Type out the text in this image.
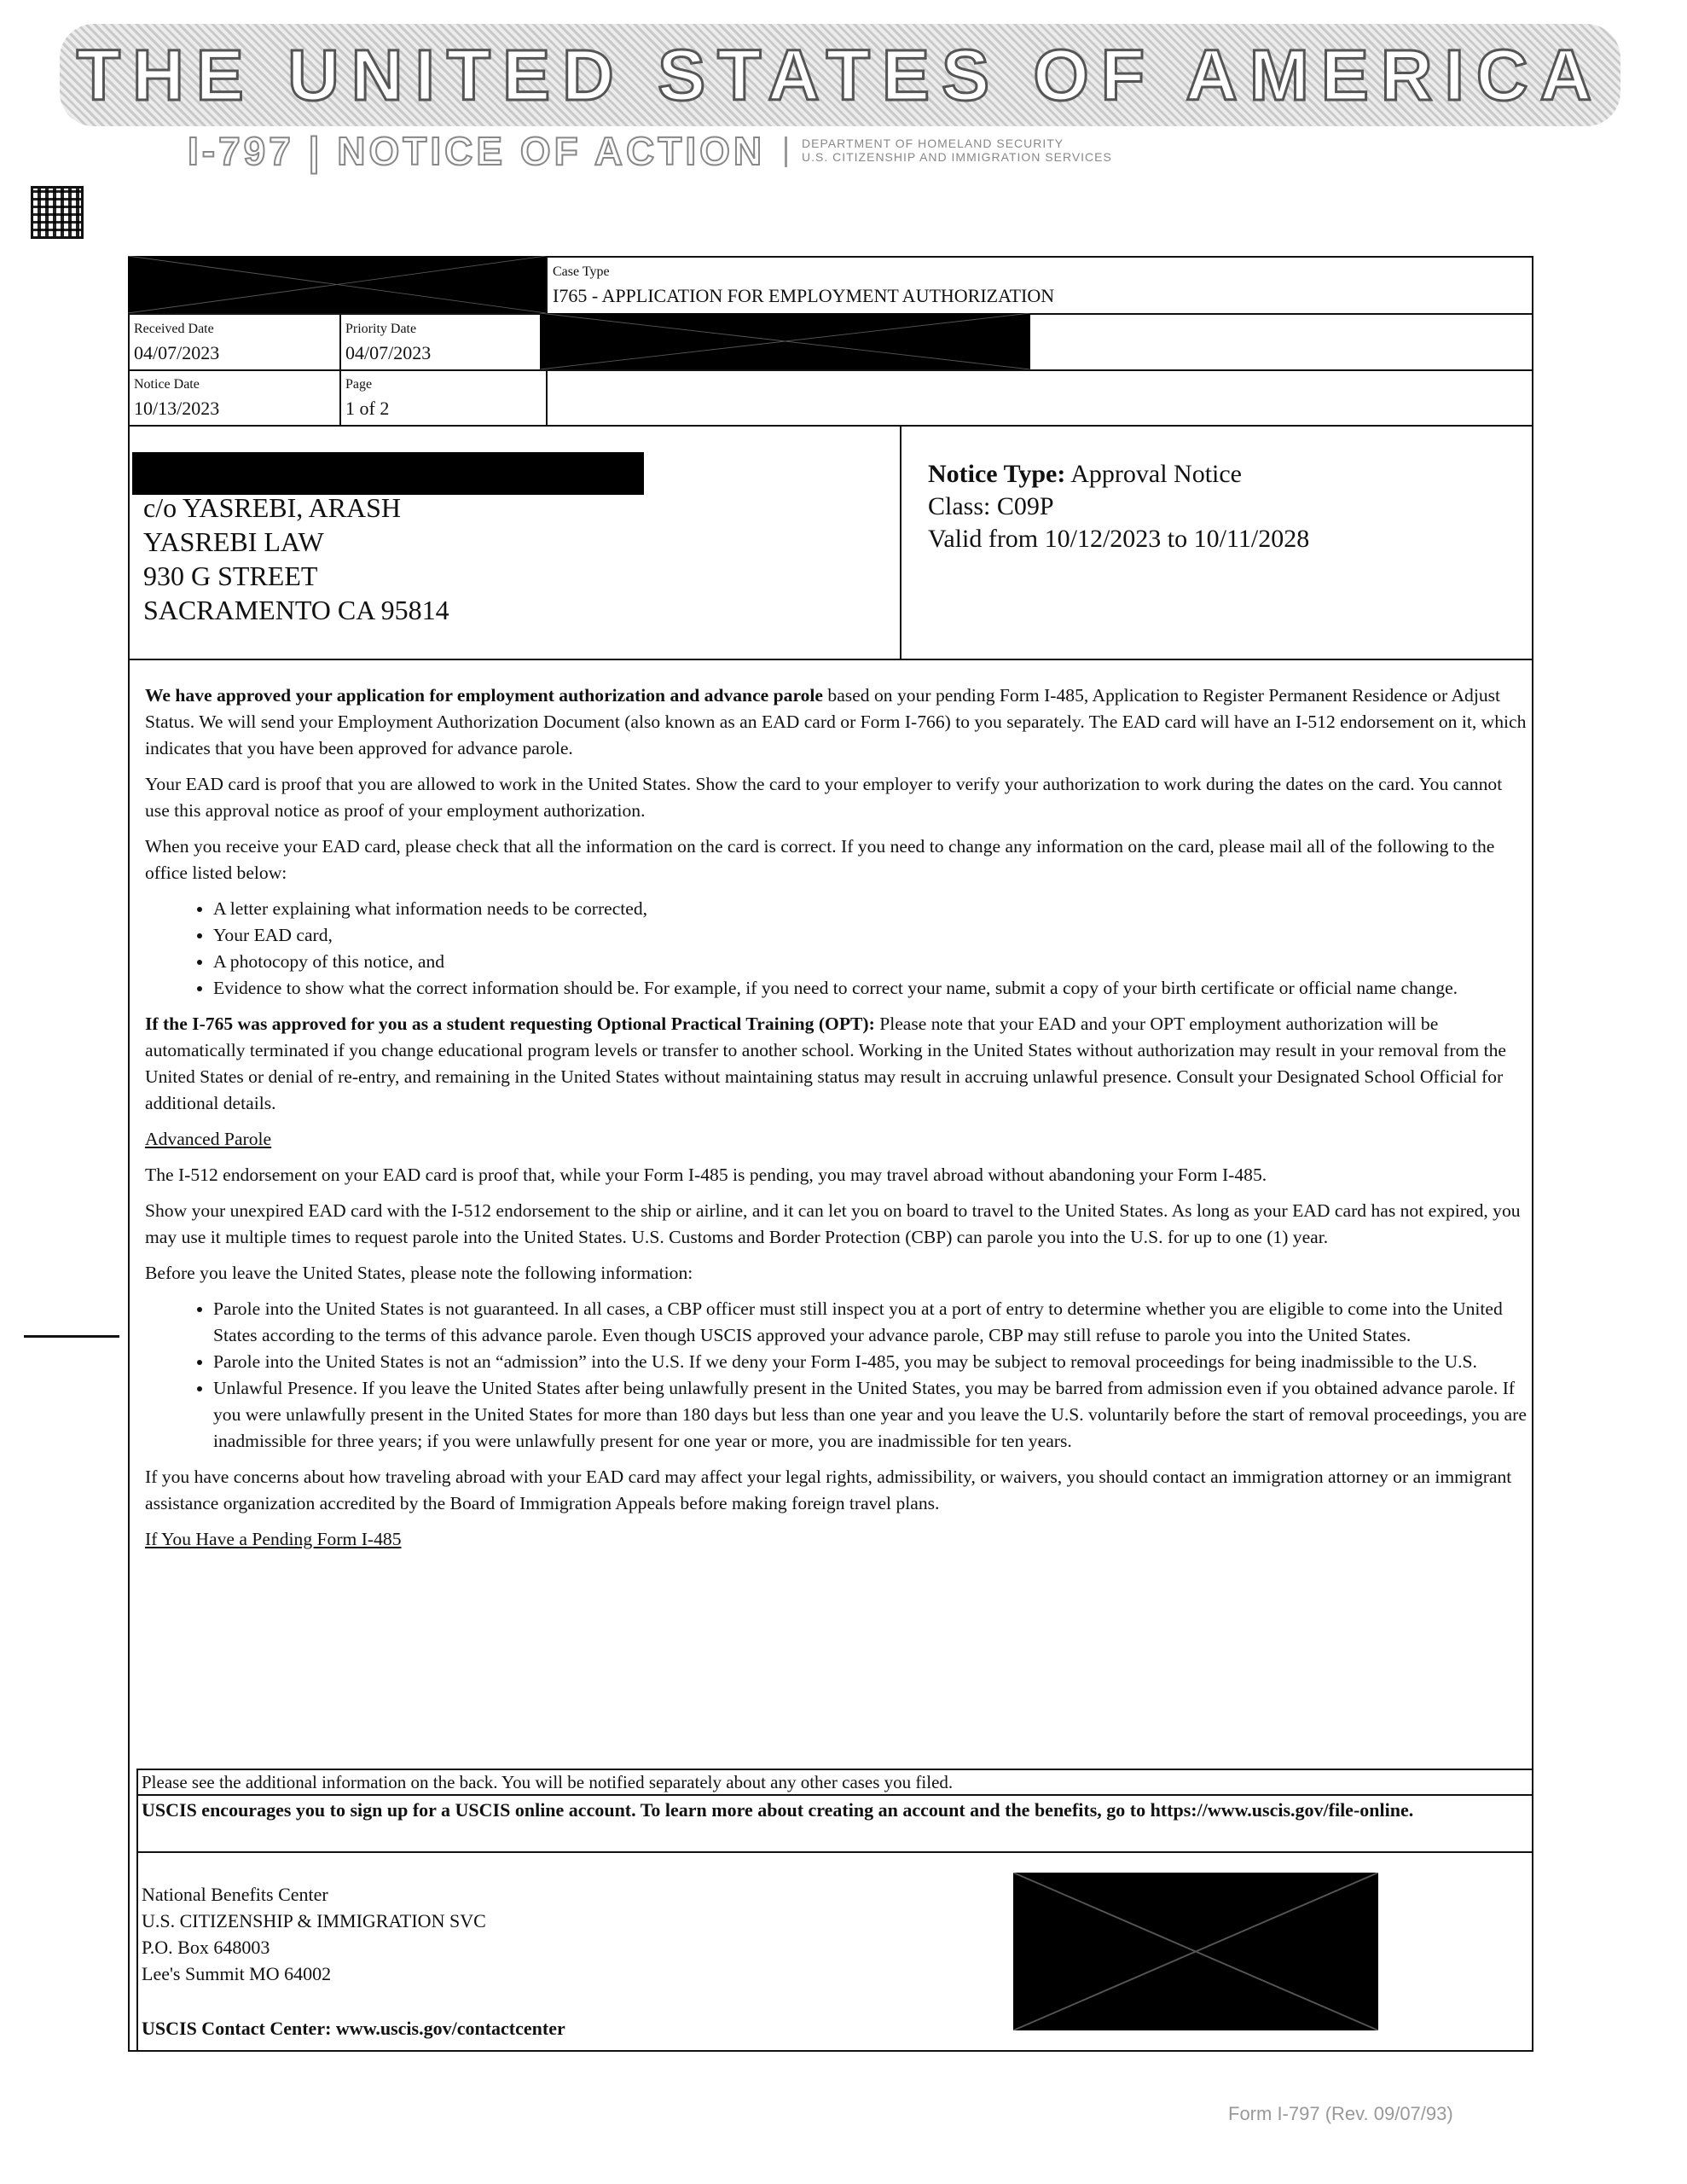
THE UNITED STATES OF AMERICA
I-797 | NOTICE OF ACTION	DEPARTMENT OF HOMELAND SECURITY
U.S. CITIZENSHIP AND IMMIGRATION SERVICES
Case Type
I765 - APPLICATION FOR EMPLOYMENT AUTHORIZATION
Received Date
04/07/2023
Priority Date
04/07/2023
Notice Date
10/13/2023
Page
1 of 2
c/o YASREBI, ARASH
YASREBI LAW
930 G STREET
SACRAMENTO CA 95814
Notice Type: Approval Notice
Class: C09P
Valid from 10/12/2023 to 10/11/2028

We have approved your application for employment authorization and advance parole based on your pending Form I-485, Application to Register Permanent Residence or Adjust Status. We will send your Employment Authorization Document (also known as an EAD card or Form I-766) to you separately. The EAD card will have an I-512 endorsement on it, which indicates that you have been approved for advance parole.

Your EAD card is proof that you are allowed to work in the United States. Show the card to your employer to verify your authorization to work during the dates on the card. You cannot use this approval notice as proof of your employment authorization.

When you receive your EAD card, please check that all the information on the card is correct. If you need to change any information on the card, please mail all of the following to the office listed below:

• A letter explaining what information needs to be corrected,
• Your EAD card,
• A photocopy of this notice, and
• Evidence to show what the correct information should be. For example, if you need to correct your name, submit a copy of your birth certificate or official name change.

If the I-765 was approved for you as a student requesting Optional Practical Training (OPT): Please note that your EAD and your OPT employment authorization will be automatically terminated if you change educational program levels or transfer to another school. Working in the United States without authorization may result in your removal from the United States or denial of re-entry, and remaining in the United States without maintaining status may result in accruing unlawful presence. Consult your Designated School Official for additional details.

Advanced Parole

The I-512 endorsement on your EAD card is proof that, while your Form I-485 is pending, you may travel abroad without abandoning your Form I-485.

Show your unexpired EAD card with the I-512 endorsement to the ship or airline, and it can let you on board to travel to the United States. As long as your EAD card has not expired, you may use it multiple times to request parole into the United States. U.S. Customs and Border Protection (CBP) can parole you into the U.S. for up to one (1) year.

Before you leave the United States, please note the following information:

• Parole into the United States is not guaranteed. In all cases, a CBP officer must still inspect you at a port of entry to determine whether you are eligible to come into the United States according to the terms of this advance parole. Even though USCIS approved your advance parole, CBP may still refuse to parole you into the United States.
• Parole into the United States is not an “admission” into the U.S. If we deny your Form I-485, you may be subject to removal proceedings for being inadmissible to the U.S.
• Unlawful Presence. If you leave the United States after being unlawfully present in the United States, you may be barred from admission even if you obtained advance parole. If you were unlawfully present in the United States for more than 180 days but less than one year and you leave the U.S. voluntarily before the start of removal proceedings, you are inadmissible for three years; if you were unlawfully present for one year or more, you are inadmissible for ten years.

If you have concerns about how traveling abroad with your EAD card may affect your legal rights, admissibility, or waivers, you should contact an immigration attorney or an immigrant assistance organization accredited by the Board of Immigration Appeals before making foreign travel plans.

If You Have a Pending Form I-485

Please see the additional information on the back. You will be notified separately about any other cases you filed.
USCIS encourages you to sign up for a USCIS online account. To learn more about creating an account and the benefits, go to https://www.uscis.gov/file-online.
National Benefits Center
U.S. CITIZENSHIP & IMMIGRATION SVC
P.O. Box 648003
Lee's Summit MO 64002
USCIS Contact Center: www.uscis.gov/contactcenter
Form I-797 (Rev. 09/07/93)
